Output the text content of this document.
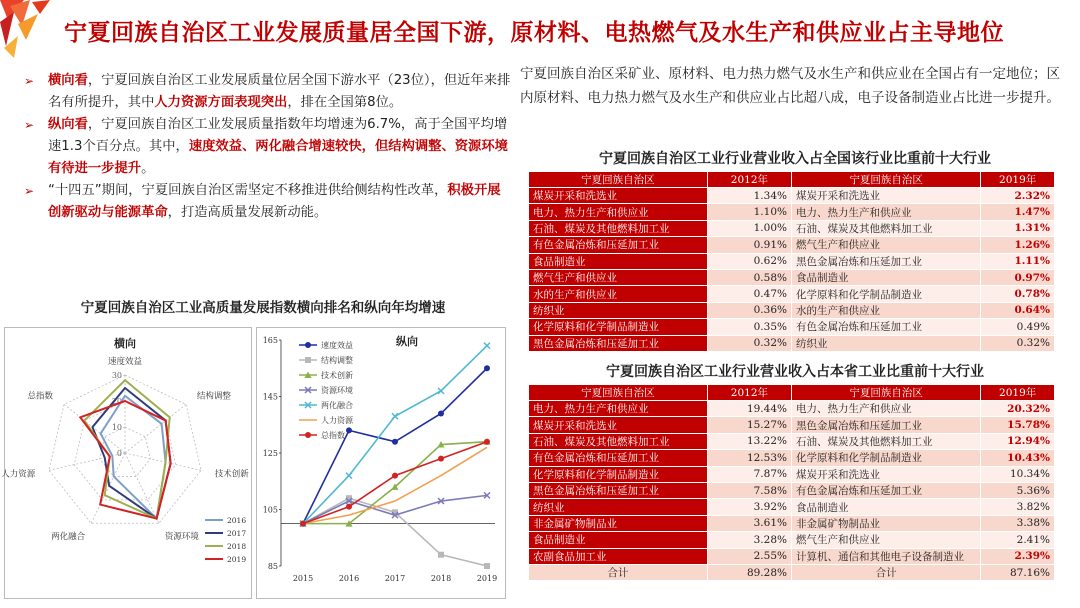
宁夏回族自治区工业发展质量居全国下游，原材料、电热燃气及水生产和供应业占主导地位
➢ 横向看，宁夏回族自治区工业发展质量位居全国下游水平（23位），但近年来排名有所提升，其中人力资源方面表现突出，排在全国第8位。
➢ 纵向看，宁夏回族自治区工业发展质量指数年均增速为6.7%，高于全国平均增速1.3个百分点。其中，速度效益、两化融合增速较快，但结构调整、资源环境有待进一步提升。
➢ “十四五”期间，宁夏回族自治区需坚定不移推进供给侧结构性改革，积极开展创新驱动与能源革命，打造高质量发展新动能。
宁夏回族自治区工业高质量发展指数横向排名和纵向年均增速
横向
速度效益
结构调整
技术创新
资源环境
两化融合
人力资源
总指数
0
10
20
30
2016
2017
2018
2019
85
105
125
145
165
2015	2016	2017	2018	2019
纵向
速度效益
结构调整
技术创新
资源环境
两化融合
人力资源
总指数
宁夏回族自治区采矿业、原材料、电力热力燃气及水生产和供应业在全国占有一定地位；区内原材料、电力热力燃气及水生产和供应业占比超八成，电子设备制造业占比进一步提升。
宁夏回族自治区工业行业营业收入占全国该行业比重前十大行业
宁夏回族自治区	2012年	宁夏回族自治区	2019年
煤炭开采和洗选业	1.34%	煤炭开采和洗选业	2.32%
电力、热力生产和供应业	1.10%	电力、热力生产和供应业	1.47%
石油、煤炭及其他燃料加工业	1.00%	石油、煤炭及其他燃料加工业	1.31%
有色金属冶炼和压延加工业	0.91%	燃气生产和供应业	1.26%
食品制造业	0.62%	黑色金属冶炼和压延加工业	1.11%
燃气生产和供应业	0.58%	食品制造业	0.97%
水的生产和供应业	0.47%	化学原料和化学制品制造业	0.78%
纺织业	0.36%	水的生产和供应业	0.64%
化学原料和化学制品制造业	0.35%	有色金属冶炼和压延加工业	0.49%
黑色金属冶炼和压延加工业	0.32%	纺织业	0.32%
宁夏回族自治区工业行业营业收入占本省工业比重前十大行业
宁夏回族自治区	2012年	宁夏回族自治区	2019年
电力、热力生产和供应业	19.44%	电力、热力生产和供应业	20.32%
煤炭开采和洗选业	15.27%	黑色金属冶炼和压延加工业	15.78%
石油、煤炭及其他燃料加工业	13.22%	石油、煤炭及其他燃料加工业	12.94%
有色金属冶炼和压延加工业	12.53%	化学原料和化学制品制造业	10.43%
化学原料和化学制品制造业	7.87%	煤炭开采和洗选业	10.34%
黑色金属冶炼和压延加工业	7.58%	有色金属冶炼和压延加工业	5.36%
纺织业	3.92%	食品制造业	3.82%
非金属矿物制品业	3.61%	非金属矿物制品业	3.38%
食品制造业	3.28%	燃气生产和供应业	2.41%
农副食品加工业	2.55%	计算机、通信和其他电子设备制造业	2.39%
合计	89.28%	合计	87.16%
